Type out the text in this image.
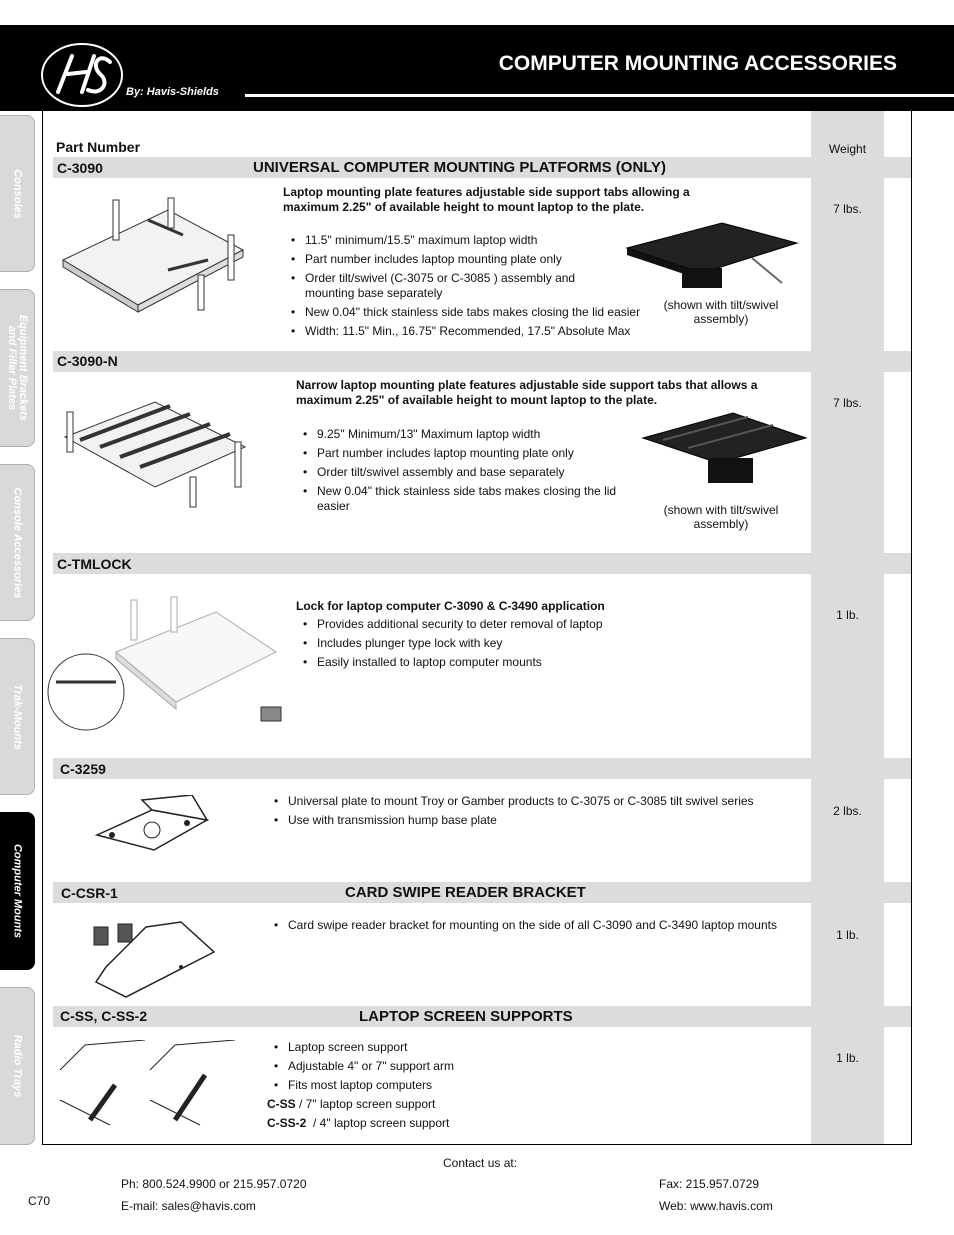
By: Havis-Shields
COMPUTER MOUNTING ACCESSORIES
Consoles
Equipment Brackets
and Filler Plates
Console Accessories
Trak-Mounts
Computer Mounts
Radio Trays
Part Number	Weight
C-3090	UNIVERSAL COMPUTER MOUNTING PLATFORMS (ONLY)
Laptop mounting plate features adjustable side support tabs allowing a maximum 2.25" of available height to mount laptop to the plate.
• 11.5" minimum/15.5" maximum laptop width
• Part number includes laptop mounting plate only
• Order tilt/swivel (C-3075 or C-3085 ) assembly and mounting base separately
• New 0.04" thick stainless side tabs makes closing the lid easier
• Width: 11.5" Min., 16.75" Recommended, 17.5" Absolute Max
(shown with tilt/swivel assembly)
7 lbs.
C-3090-N
Narrow laptop mounting plate features adjustable side support tabs that allows a maximum 2.25" of available height to mount laptop to the plate.
• 9.25" Minimum/13" Maximum laptop width
• Part number includes laptop mounting plate only
• Order tilt/swivel assembly and base separately
• New 0.04" thick stainless side tabs makes closing the lid easier	(shown with tilt/swivel assembly)
7 lbs.
C-TMLOCK
Lock for laptop computer C-3090 & C-3490 application
• Provides additional security to deter removal of laptop
• Includes plunger type lock with key
• Easily installed to laptop computer mounts
1 lb.
C-3259
• Universal plate to mount Troy or Gamber products to C-3075 or C-3085 tilt swivel series
• Use with transmission hump base plate
2 lbs.
C-CSR-1	CARD SWIPE READER BRACKET
• Card swipe reader bracket for mounting on the side of all C-3090 and C-3490 laptop mounts
1 lb.
C-SS, C-SS-2	LAPTOP SCREEN SUPPORTS
• Laptop screen support
• Adjustable 4" or 7" support arm
• Fits most laptop computers
C-SS / 7" laptop screen support
C-SS-2  / 4" laptop screen support
1 lb.
Contact us at:
Ph: 800.524.9900 or 215.957.0720
E-mail: sales@havis.com
Fax: 215.957.0729
Web: www.havis.com
C70
